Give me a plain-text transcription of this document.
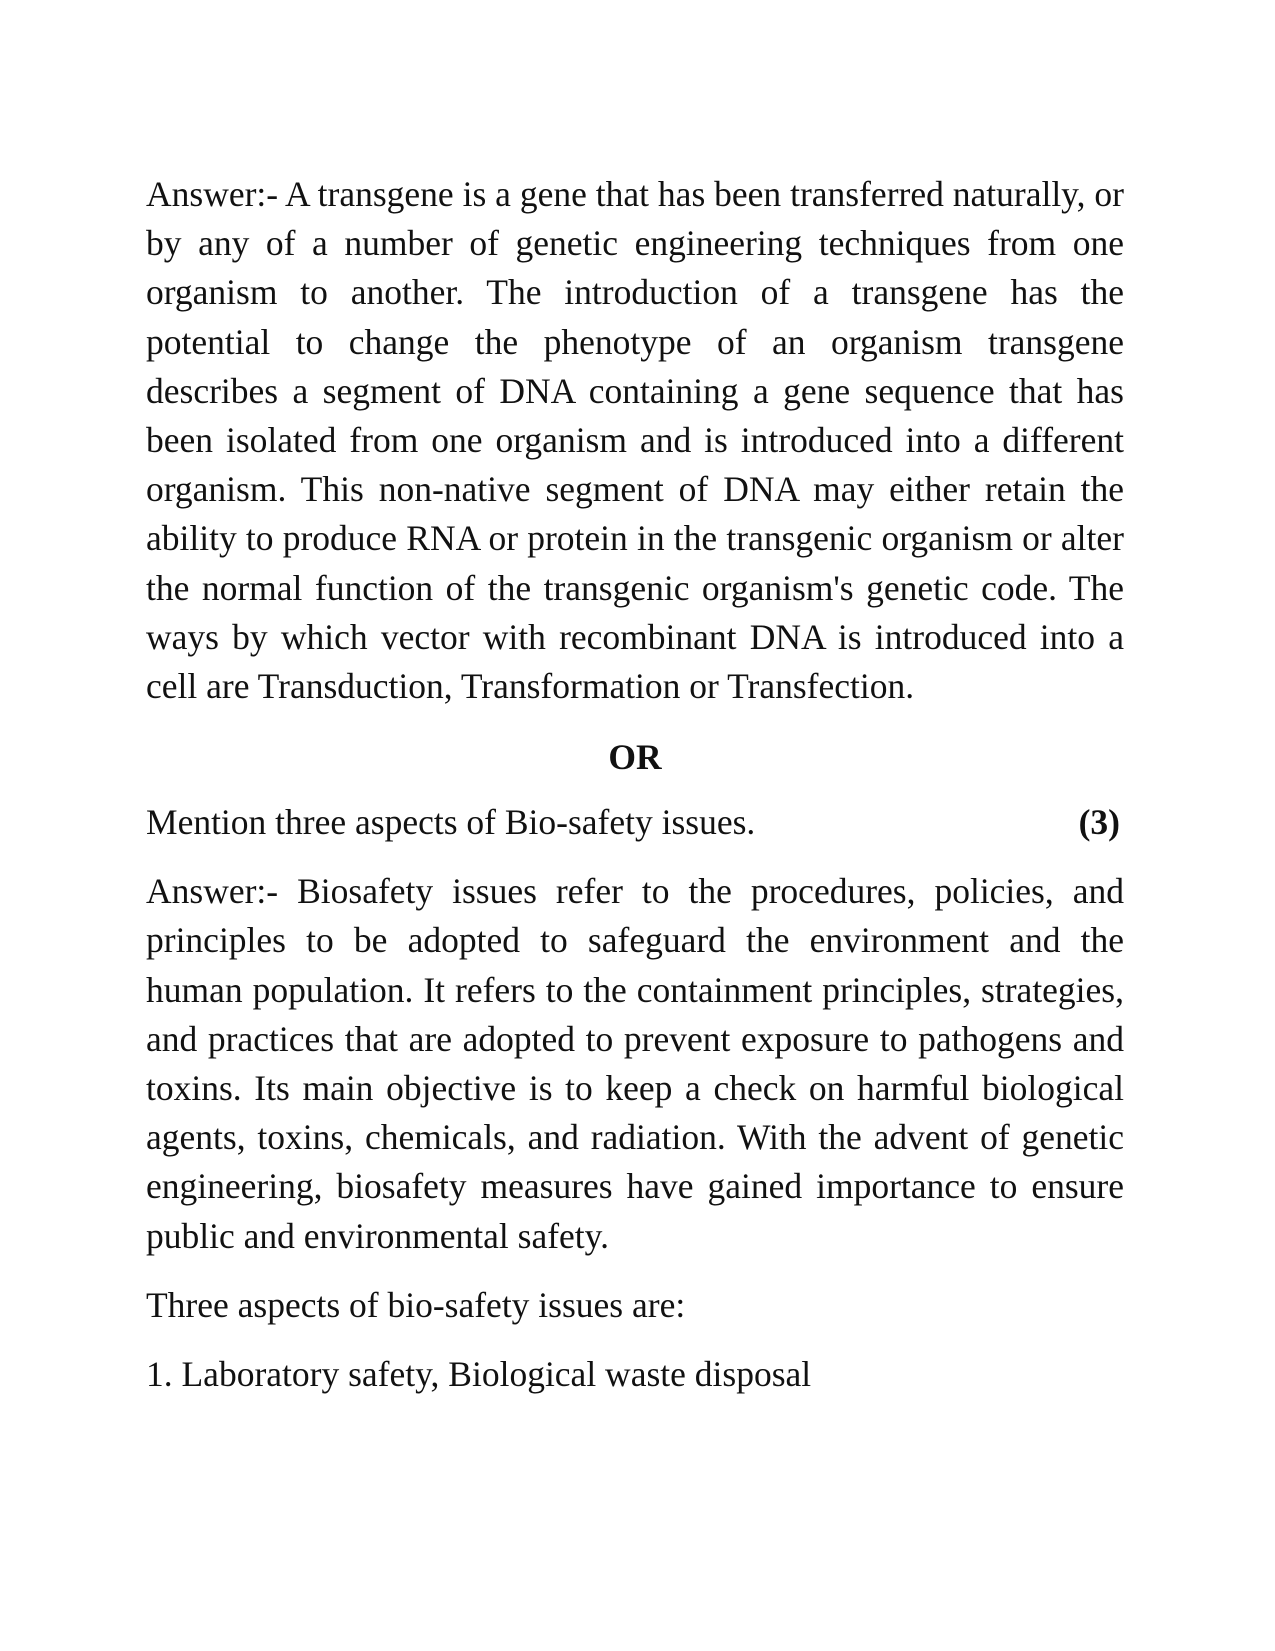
Answer:- A transgene is a gene that has been transferred naturally, or by any of a number of genetic engineering techniques from one organism to another. The introduction of a transgene has the potential to change the phenotype of an organism transgene describes a segment of DNA containing a gene sequence that has been isolated from one organism and is introduced into a different organism. This non-native segment of DNA may either retain the ability to produce RNA or protein in the transgenic organism or alter the normal function of the transgenic organism's genetic code. The ways by which vector with recombinant DNA is introduced into a cell are Transduction, Transformation or Transfection.

OR
Mention three aspects of Bio-safety issues.	(3)

Answer:- Biosafety issues refer to the procedures, policies, and principles to be adopted to safeguard the environment and the human population. It refers to the containment principles, strategies, and practices that are adopted to prevent exposure to pathogens and toxins. Its main objective is to keep a check on harmful biological agents, toxins, chemicals, and radiation. With the advent of genetic engineering, biosafety measures have gained importance to ensure public and environmental safety.

Three aspects of bio-safety issues are:

1. Laboratory safety, Biological waste disposal
